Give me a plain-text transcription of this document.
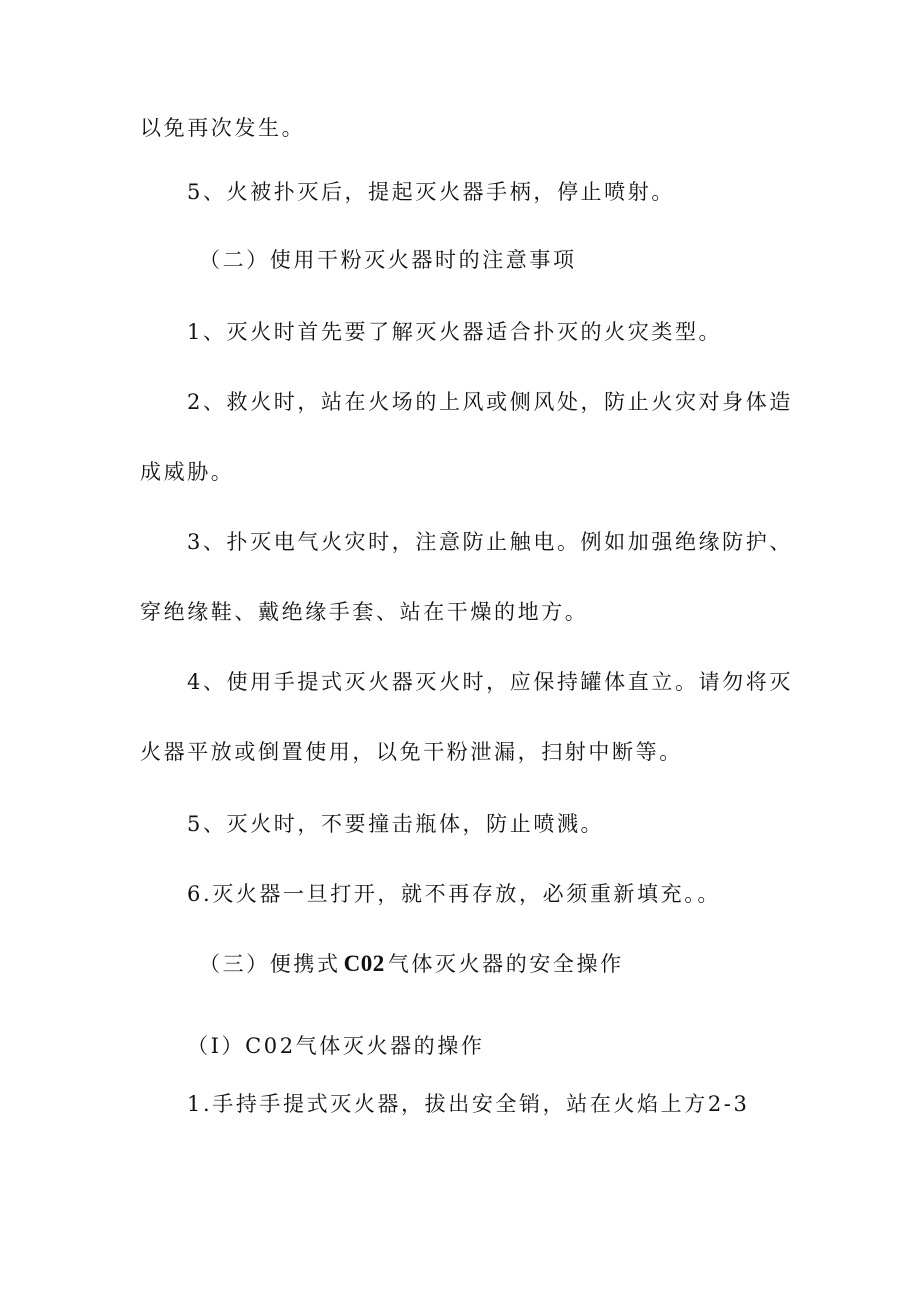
以免再次发生。
5、火被扑灭后，提起灭火器手柄，停止喷射。
（二）使用干粉灭火器时的注意事项
1、灭火时首先要了解灭火器适合扑灭的火灾类型。
2、救火时，站在火场的上风或侧风处，防止火灾对身体造
成威胁。
3、扑灭电气火灾时，注意防止触电。例如加强绝缘防护、
穿绝缘鞋、戴绝缘手套、站在干燥的地方。
4、使用手提式灭火器灭火时，应保持罐体直立。请勿将灭
火器平放或倒置使用，以免干粉泄漏，扫射中断等。
5、灭火时，不要撞击瓶体，防止喷溅。
6.灭火器一旦打开，就不再存放，必须重新填充。。
（三）便携式 C02 气体灭火器的安全操作
（I）C02气体灭火器的操作
1.手持手提式灭火器，拔出安全销，站在火焰上方2-3
